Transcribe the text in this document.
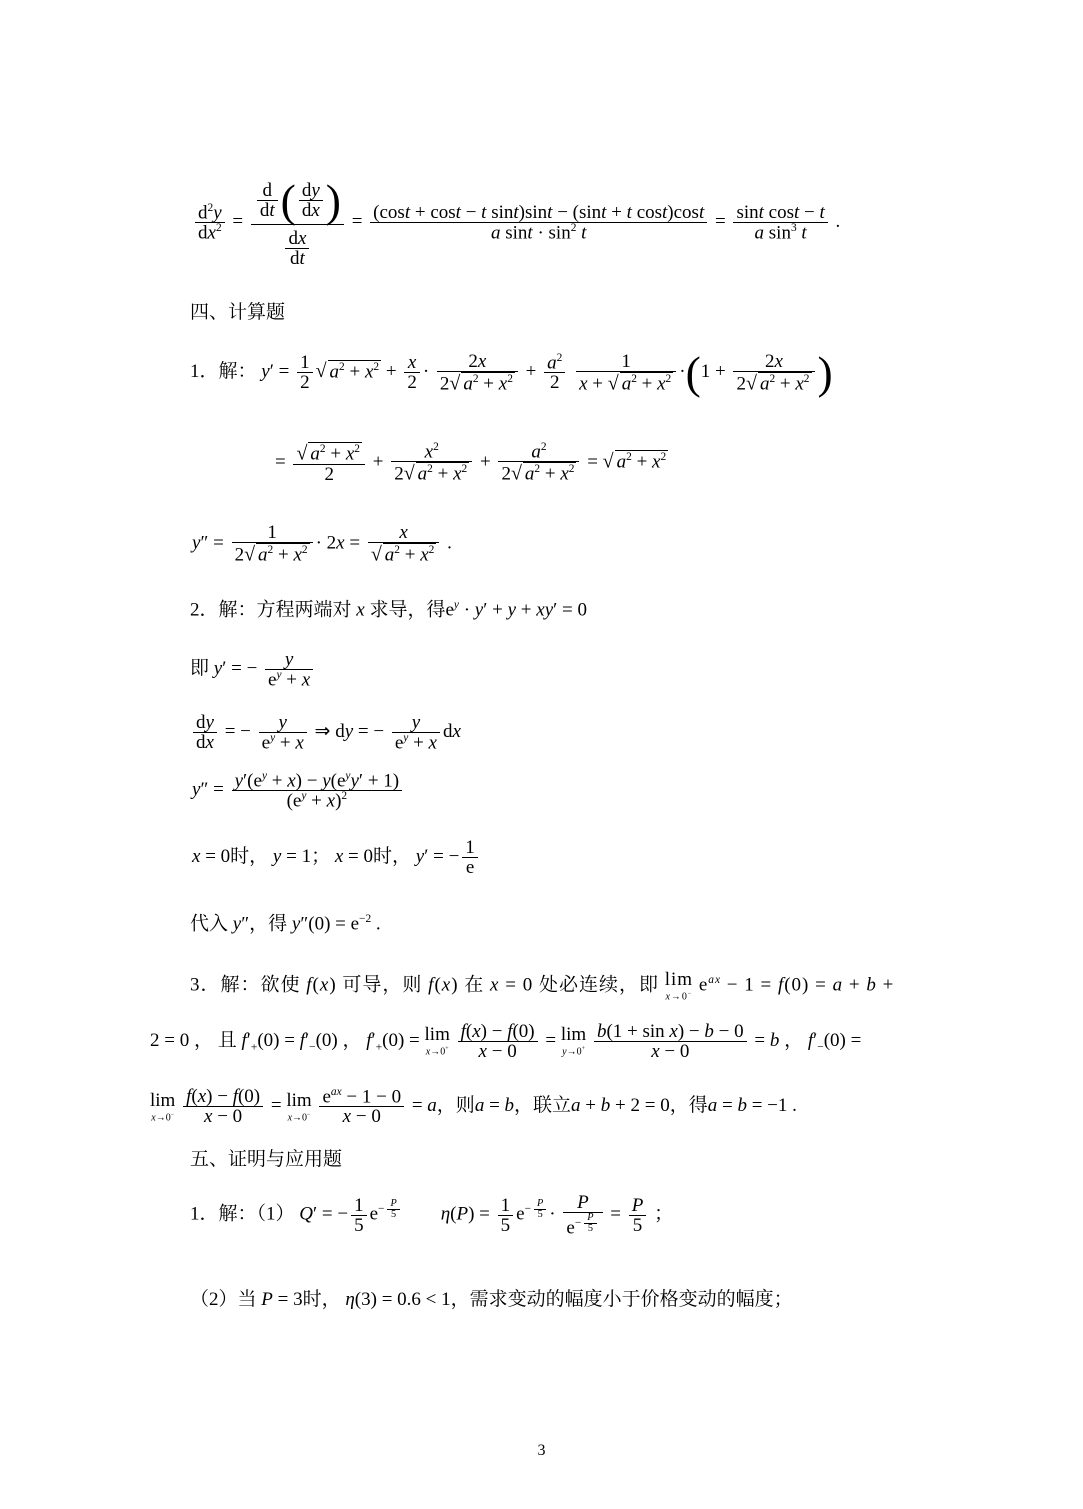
$\frac{d^2y}{dx^2} = \frac{\frac{d}{dt} ( \frac{dy}{dx} )}{\frac{dx}{dt}} = \frac{\text{(cost + cost − t sint)sint − (sint + t cost)cost}}{a \sin t \cdot \sin^2 t} = \frac{\text{sint cost − t}}{a \sin^3 t}$ .
四、计算题
1．解： $y' = \frac{1}{2}$ √ $a^2 + x^2 + \frac{x}{2} \cdot \frac{2x}{2√ a^2 + x^2} + \frac{a^2}{2}$
$\frac{1}{x + √ a^2 + x^2} \cdot(1 + \frac{2x}{2√ a^2 + x^2}$ )
= $\frac{√ a^2 + x^2}{2} + \frac{x^2}{2√ a^2 + x^2} + \frac{a^2}{2√ a^2 + x^2}$ = √ $a^2 + x^2$
$y'' = \frac{1}{2√ a^2 + x^2} \cdot 2x = \frac{x}{√ a^2 + x^2}$ .
2．解：方程两端对 x 求导，得$e^y \cdot y' + y + xy' = 0$
即 y′ = − $\frac{y}{e^y + x}$
$\frac{dy}{dx}$ = − $\frac{y}{e^y + x}$ ⇒ dy = − $\frac{y}{e^y + x}$ dx
$y'' = \frac{y'(e^y + x) - y(e^yy' + 1)}{(e^y + x)^2}$
x = 0时， y = 1； x = 0时， y′ = − $\frac{1}{e}$
代入 y″，得 $y''(0) = e^{-2}$ .
3．解：欲使 f(x) 可导，则 f(x) 在 x = 0 处必连续，即 lim
x→0− $e^{ax} - 1 = f(0) = a + b$ +
2 = 0 ， 且 $f'_+(0) = f'_-(0)$ ， $f'_+(0) = \lim$
x→0+
$\frac{f(x) - f(0)}{x - 0} = \lim$
y→0+
$\frac{\text{b(1 + sin x) − b − 0}}{x - 0} = b$ ， $f'_-(0)$ =
lim
x→0−
$\frac{f(x) - f(0)}{x - 0} = \lim$
x→0−
$\frac{e^{ax} - 1 - 0}{x - 0} = a$，则a = b，联立a + b + 2 = 0，得a = b = −1 .
五、证明与应用题
1．解：（1） Q′ = − $\frac{1}{5} e^{- \frac{P}{5}}$ $\eta(P) = \frac{1}{5} e^{- \frac{P}{5}} \cdot P$
$e^{- \frac{P}{5}} = \frac{P}{5}$ ；
（2）当 P = 3时， η(3) = 0.6 < 1，需求变动的幅度小于价格变动的幅度；
3
